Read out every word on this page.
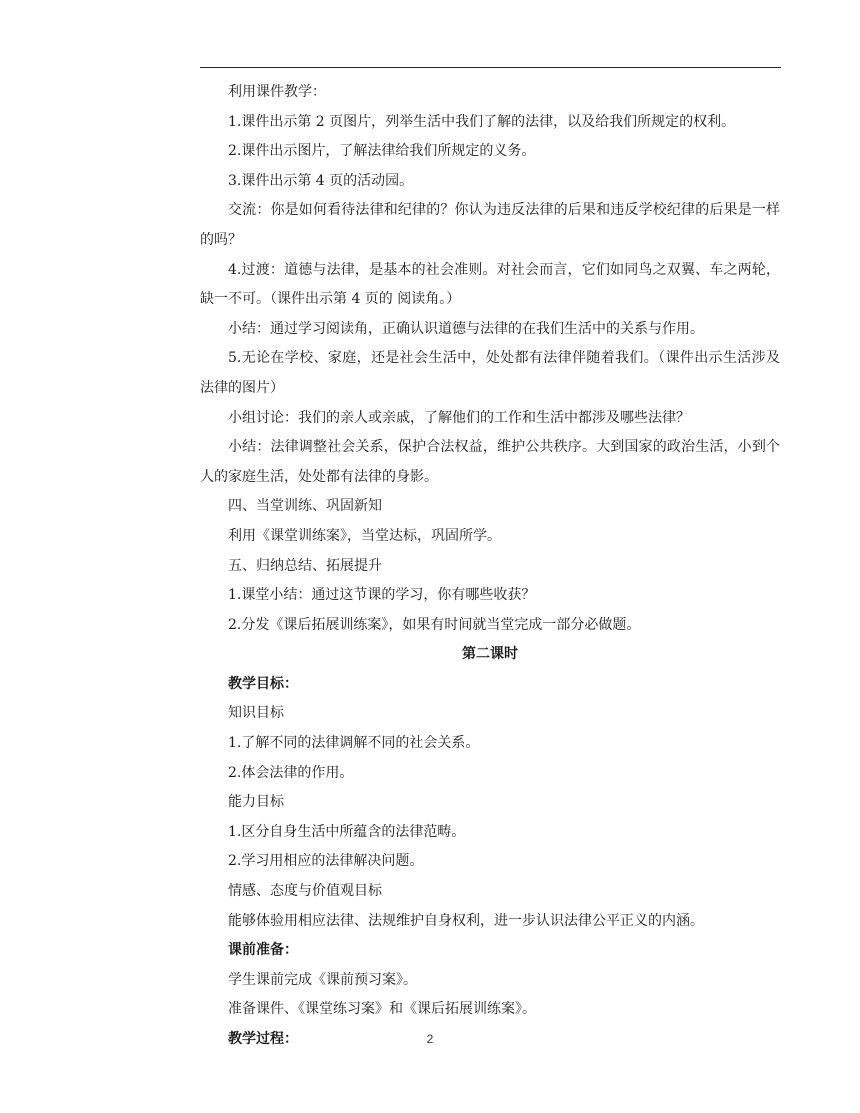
利用课件教学：

1.课件出示第 2 页图片，列举生活中我们了解的法律，以及给我们所规定的权利。

2.课件出示图片，了解法律给我们所规定的义务。

3.课件出示第 4 页的活动园。

交流：你是如何看待法律和纪律的？你认为违反法律的后果和违反学校纪律的后果是一样的吗？

4.过渡：道德与法律，是基本的社会准则。对社会而言，它们如同鸟之双翼、车之两轮，缺一不可。（课件出示第 4 页的 阅读角。）

小结：通过学习阅读角，正确认识道德与法律的在我们生活中的关系与作用。

5.无论在学校、家庭，还是社会生活中，处处都有法律伴随着我们。（课件出示生活涉及法律的图片）

小组讨论：我们的亲人或亲戚，了解他们的工作和生活中都涉及哪些法律？

小结：法律调整社会关系，保护合法权益，维护公共秩序。大到国家的政治生活，小到个人的家庭生活，处处都有法律的身影。

四、当堂训练、巩固新知

利用《课堂训练案》，当堂达标，巩固所学。

五、归纳总结、拓展提升

1.课堂小结：通过这节课的学习，你有哪些收获？

2.分发《课后拓展训练案》，如果有时间就当堂完成一部分必做题。

第二课时

教学目标：

知识目标

1.了解不同的法律调解不同的社会关系。

2.体会法律的作用。

能力目标

1.区分自身生活中所蕴含的法律范畴。

2.学习用相应的法律解决问题。

情感、态度与价值观目标

能够体验用相应法律、法规维护自身权利，进一步认识法律公平正义的内涵。

课前准备：

学生课前完成《课前预习案》。

准备课件、《课堂练习案》和《课后拓展训练案》。

教学过程：	2
